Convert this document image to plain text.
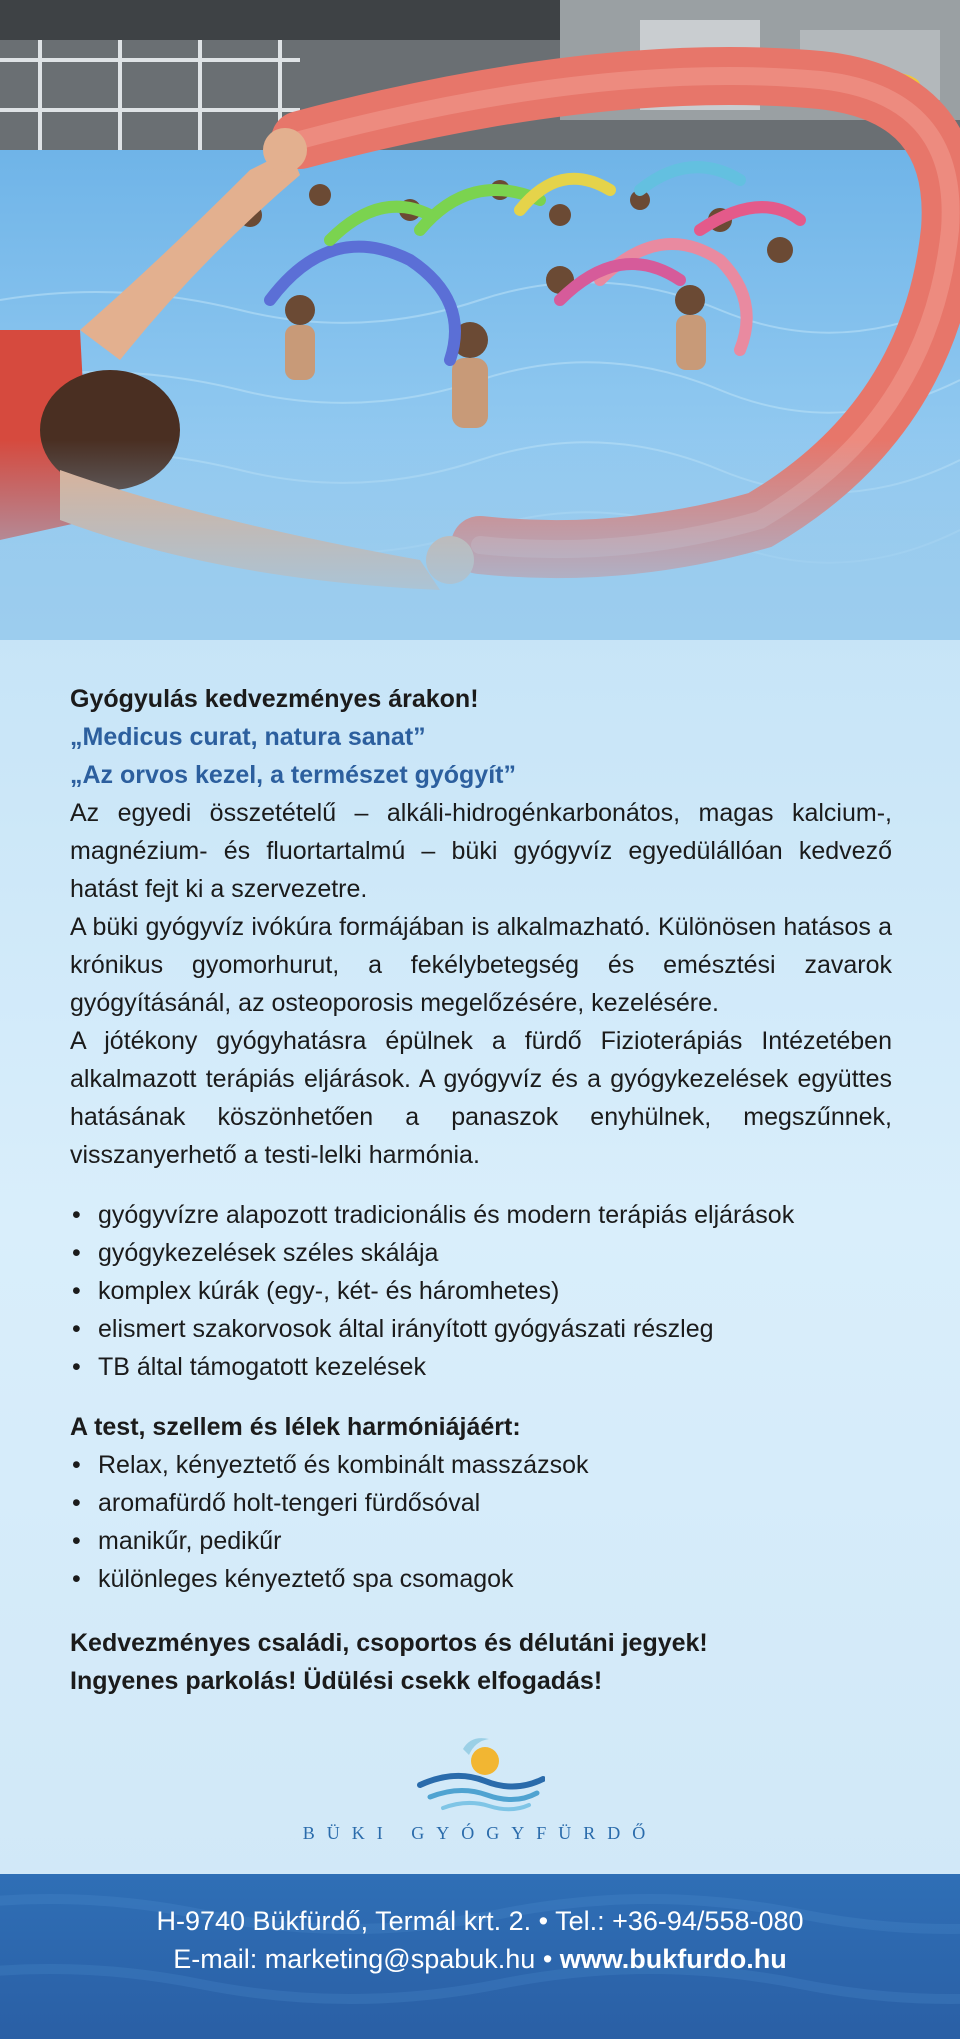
Gyógyulás kedvezményes árakon!

„Medicus curat, natura sanat”

„Az orvos kezel, a természet gyógyít”

Az egyedi összetételű – alkáli-hidrogénkarbonátos, magas kalcium-, magnézium- és fluortartalmú – büki gyógyvíz egyedülállóan kedvező hatást fejt ki a szervezetre.

A büki gyógyvíz ivókúra formájában is alkalmazható. Különösen hatásos a krónikus gyomorhurut, a fekélybetegség és emésztési zavarok gyógyításánál, az osteoporosis megelőzésére, kezelésére.

A jótékony gyógyhatásra épülnek a fürdő Fizioterápiás Intézetében alkalmazott terápiás eljárások. A gyógyvíz és a gyógykezelések együttes hatásának köszönhetően a panaszok enyhülnek, megszűnnek, visszanyerhető a testi-lelki harmónia.

• gyógyvízre alapozott tradicionális és modern terápiás eljárások
• gyógykezelések széles skálája
• komplex kúrák (egy-, két- és háromhetes)
• elismert szakorvosok által irányított gyógyászati részleg
• TB által támogatott kezelések

A test, szellem és lélek harmóniájáért:

• Relax, kényeztető és kombinált masszázsok
• aromafürdő holt-tengeri fürdősóval
• manikűr, pedikűr
• különleges kényeztető spa csomagok

Kedvezményes családi, csoportos és délutáni jegyek!

Ingyenes parkolás! Üdülési csekk elfogadás!

BÜKI GYÓGYFÜRDŐ
H-9740 Bükfürdő, Termál krt. 2. • Tel.: +36-94/558-080
E-mail: marketing@spabuk.hu • www.bukfurdo.hu
